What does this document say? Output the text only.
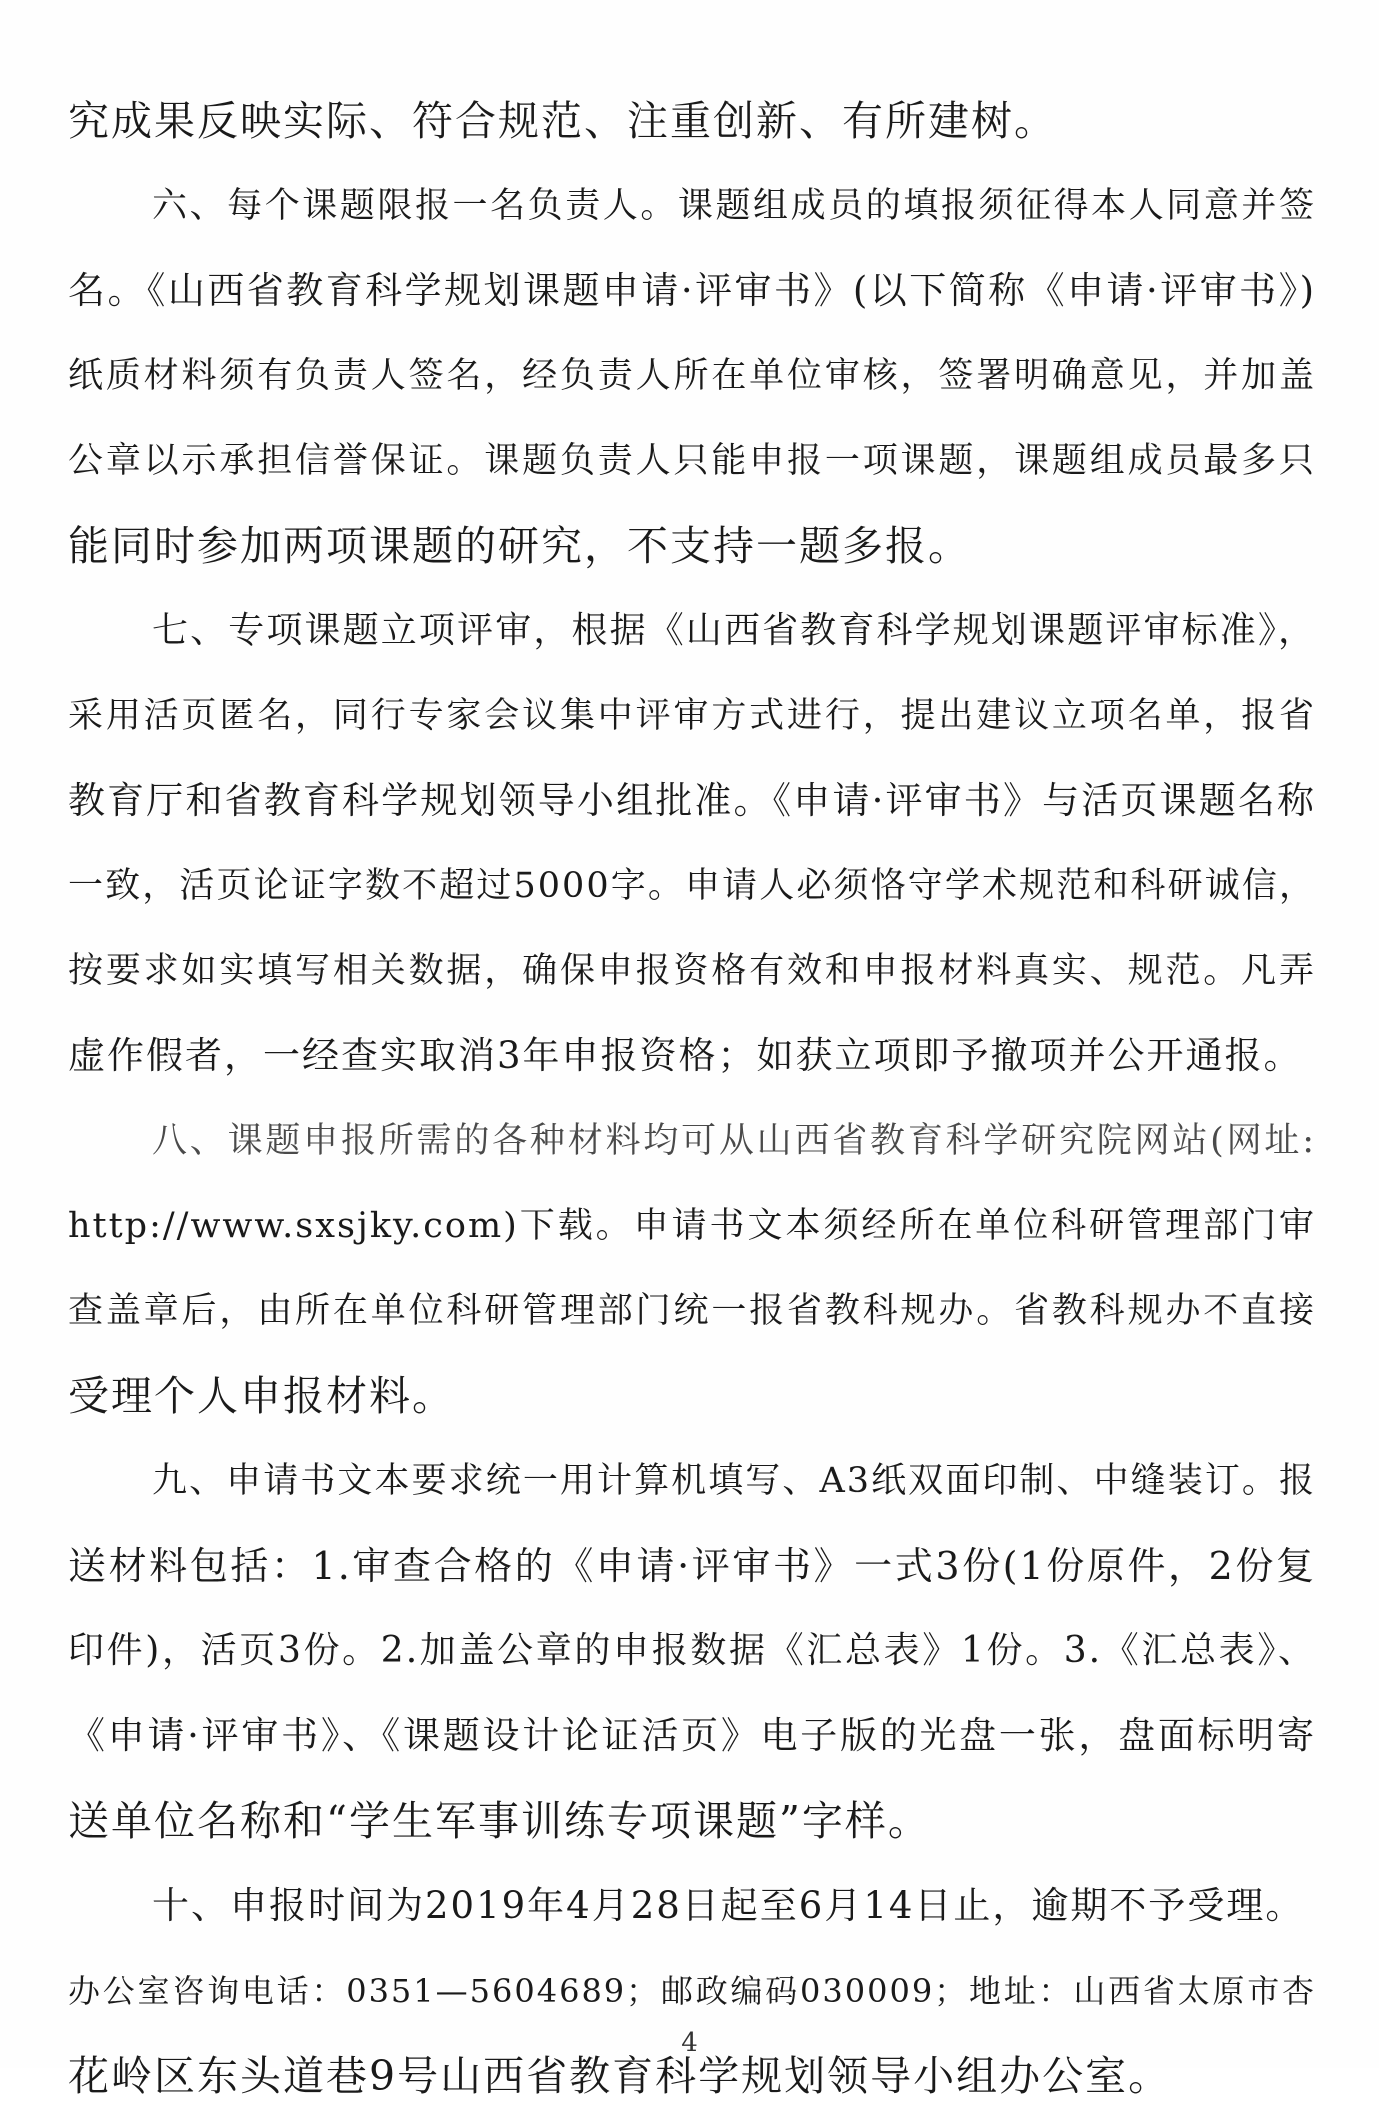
究成果反映实际、符合规范、注重创新、有所建树。
六、每个课题限报一名负责人。课题组成员的填报须征得本人同意并签
名。《山西省教育科学规划课题申请·评审书》(以下简称《申请·评审书》)
纸质材料须有负责人签名，经负责人所在单位审核，签署明确意见，并加盖
公章以示承担信誉保证。课题负责人只能申报一项课题，课题组成员最多只
能同时参加两项课题的研究，不支持一题多报。
七、专项课题立项评审，根据《山西省教育科学规划课题评审标准》，
采用活页匿名，同行专家会议集中评审方式进行，提出建议立项名单，报省
教育厅和省教育科学规划领导小组批准。《申请·评审书》与活页课题名称
一致，活页论证字数不超过5000字。申请人必须恪守学术规范和科研诚信，
按要求如实填写相关数据，确保申报资格有效和申报材料真实、规范。凡弄
虚作假者，一经查实取消3年申报资格；如获立项即予撤项并公开通报。
八、课题申报所需的各种材料均可从山西省教育科学研究院网站(网址:
http://www.sxsjky.com)下载。申请书文本须经所在单位科研管理部门审
查盖章后，由所在单位科研管理部门统一报省教科规办。省教科规办不直接
受理个人申报材料。
九、申请书文本要求统一用计算机填写、A3纸双面印制、中缝装订。报
送材料包括：1.审查合格的《申请·评审书》一式3份(1份原件，2份复
印件)，活页3份。2.加盖公章的申报数据《汇总表》1份。3.《汇总表》、
《申请·评审书》、《课题设计论证活页》电子版的光盘一张，盘面标明寄
送单位名称和“学生军事训练专项课题”字样。
十、申报时间为2019年4月28日起至6月14日止，逾期不予受理。
办公室咨询电话：0351—5604689；邮政编码030009；地址：山西省太原市杏
花岭区东头道巷9号山西省教育科学规划领导小组办公室。
4
